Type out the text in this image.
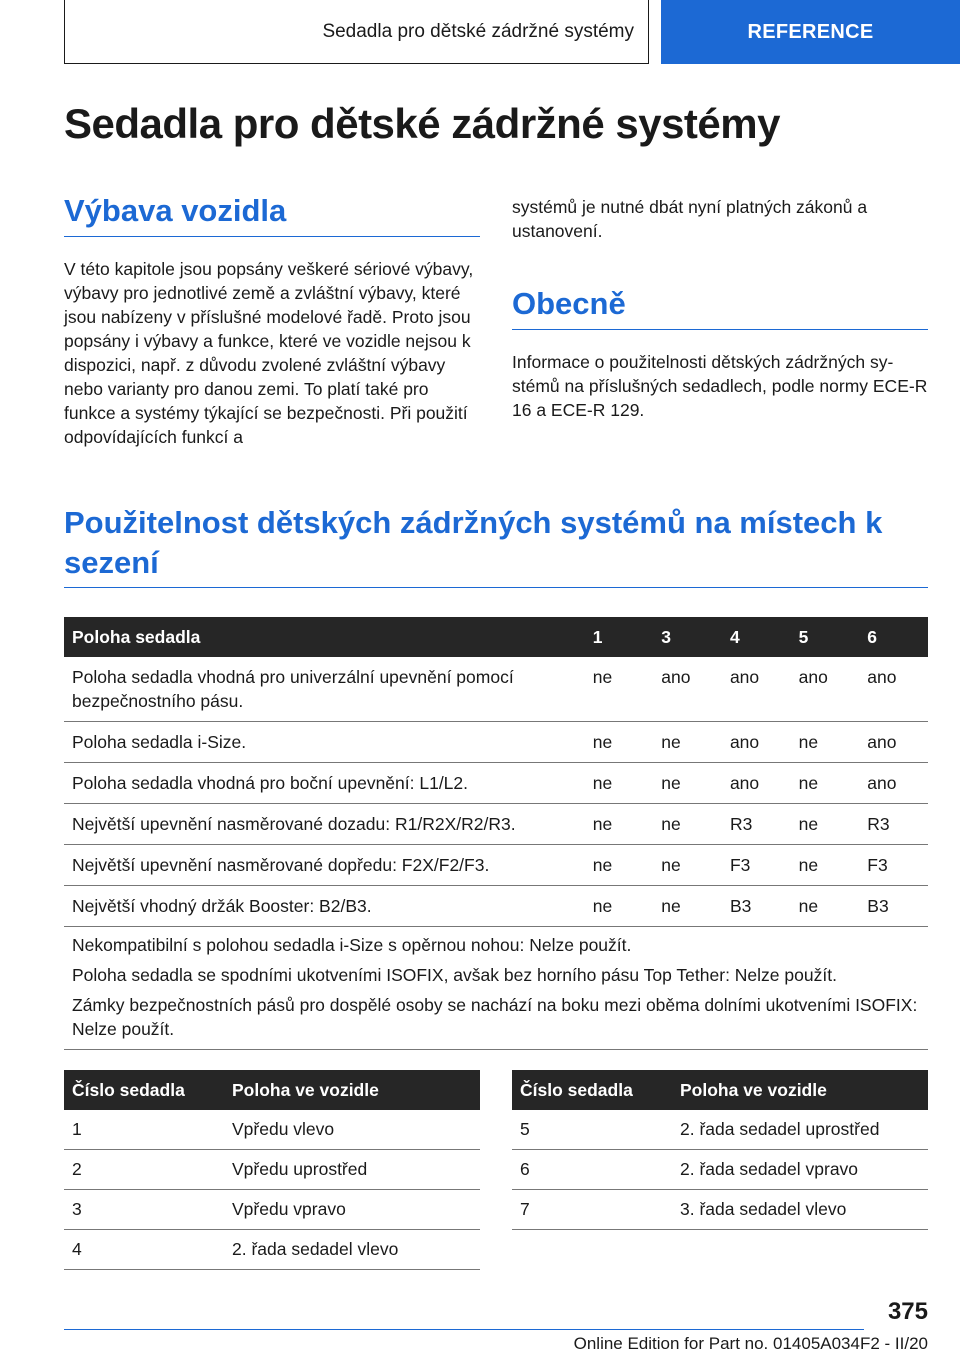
Sedadla pro dětské zádržné systémy	REFERENCE
Sedadla pro dětské zádržné systémy
Výbava vozidla

V této kapitole jsou popsány veškeré sériové výbavy, výbavy pro jednotlivé země a zvláštní výbavy, které jsou nabízeny v příslušné modelové řadě. Proto jsou popsány i výbavy a funkce, které ve vozidle nejsou k dispozici, např. z důvodu zvolené zvláštní výbavy nebo varianty pro danou zemi. To platí také pro funkce a systémy týkající se bezpečnosti. Při použití odpovídajících funkcí a

systémů je nutné dbát nyní platných zákonů a ustanovení.

Obecně

Informace o použitelnosti dětských zádržných systémů na příslušných sedadlech, podle normy ECE-R 16 a ECE-R 129.

Použitelnost dětských zádržných systémů na místech k sezení
Poloha sedadla	1	3	4	5	6
Poloha sedadla vhodná pro univerzální upevnění pomocí bezpečnostního pásu.	ne	ano	ano	ano	ano
Poloha sedadla i-Size.	ne	ne	ano	ne	ano
Poloha sedadla vhodná pro boční upevnění: L1/L2.	ne	ne	ano	ne	ano
Největší upevnění nasměrované dozadu: R1/R2X/R2/R3.	ne	ne	R3	ne	R3
Největší upevnění nasměrované dopředu: F2X/F2/F3.	ne	ne	F3	ne	F3
Největší vhodný držák Booster: B2/B3.	ne	ne	B3	ne	B3

Nekompatibilní s polohou sedadla i-Size s opěrnou nohou: Nelze použít.

Poloha sedadla se spodními ukotveními ISOFIX, avšak bez horního pásu Top Tether: Nelze použít.

Zámky bezpečnostních pásů pro dospělé osoby se nachází na boku mezi oběma dolními ukotveními ISOFIX: Nelze použít.					

Číslo sedadla	Poloha ve vozidle
1	Vpředu vlevo
2	Vpředu uprostřed
3	Vpředu vpravo
4	2. řada sedadel vlevo
Číslo sedadla	Poloha ve vozidle
5	2. řada sedadel uprostřed
6	2. řada sedadel vpravo
7	3. řada sedadel vlevo
375
Online Edition for Part no. 01405A034F2 - II/20
